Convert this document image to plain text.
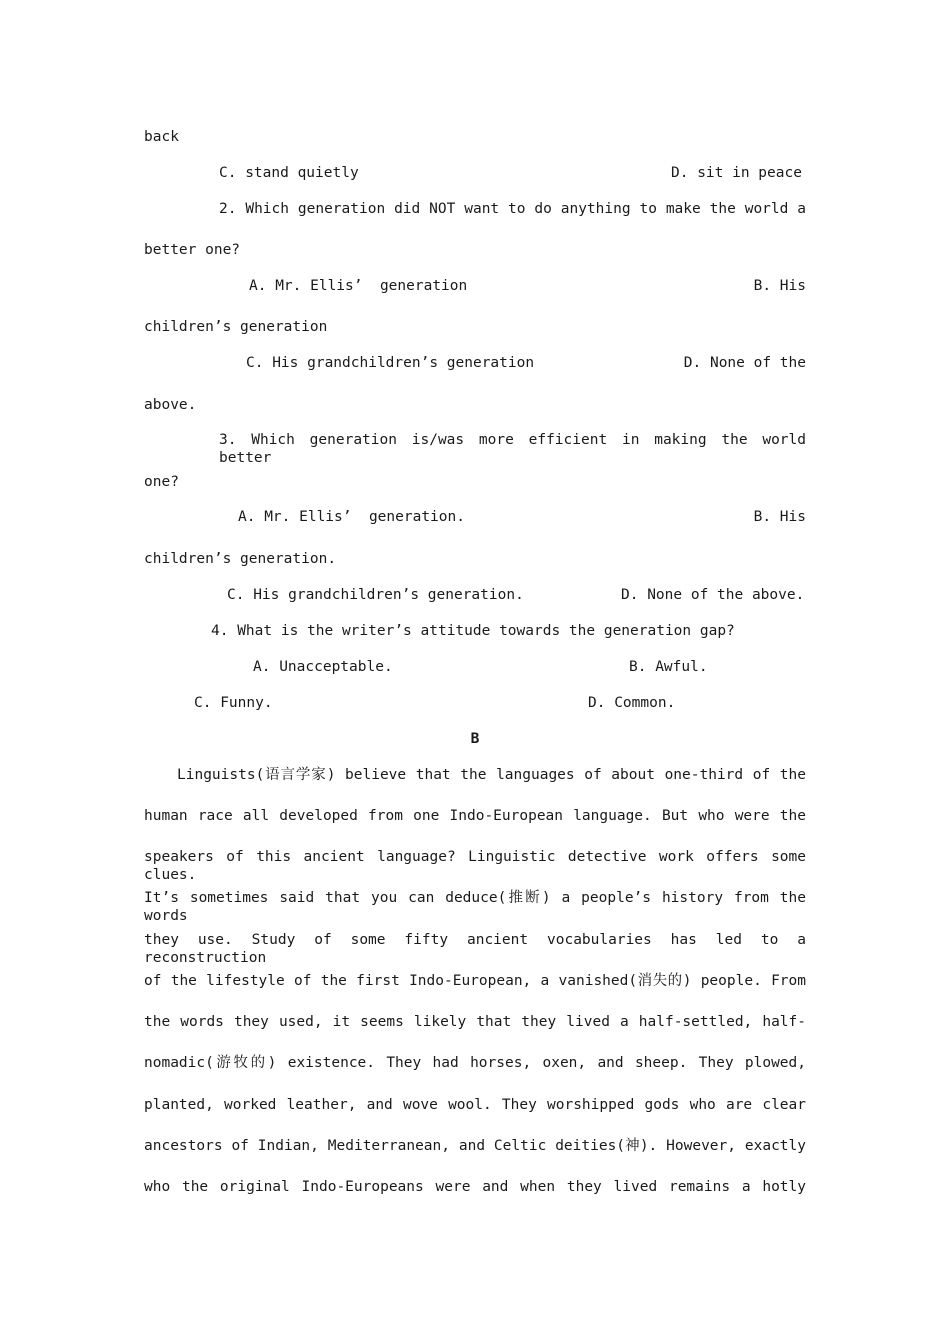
back
C. stand quietly	D. sit in peace
2. Which generation did NOT want to do anything to make the world a
better one?
A. Mr. Ellis’  generation	B. His
children’s generation
C. His grandchildren’s generation	D. None of the
above.
3. Which generation is/was more efficient in making the world better
one?
A. Mr. Ellis’  generation.	B. His
children’s generation.
C. His grandchildren’s generation.	D. None of the above.
4. What is the writer’s attitude towards the generation gap?
A. Unacceptable.	B. Awful.
C. Funny.	D. Common.
B
Linguists(语言学家) believe that the languages of about one-third of the
human race all developed from one Indo-European language. But who were the
speakers of this ancient language? Linguistic detective work offers some clues.
It’s sometimes said that you can deduce(推断) a people’s history from the words
they use. Study of some fifty ancient vocabularies has led to a reconstruction
of the lifestyle of the first Indo-European, a vanished(消失的) people. From
the words they used, it seems likely that they lived a half-settled, half-
nomadic(游牧的) existence. They had horses, oxen, and sheep. They plowed,
planted, worked leather, and wove wool. They worshipped gods who are clear
ancestors of Indian, Mediterranean, and Celtic deities(神). However, exactly
who the original Indo-Europeans were and when they lived remains a hotly
